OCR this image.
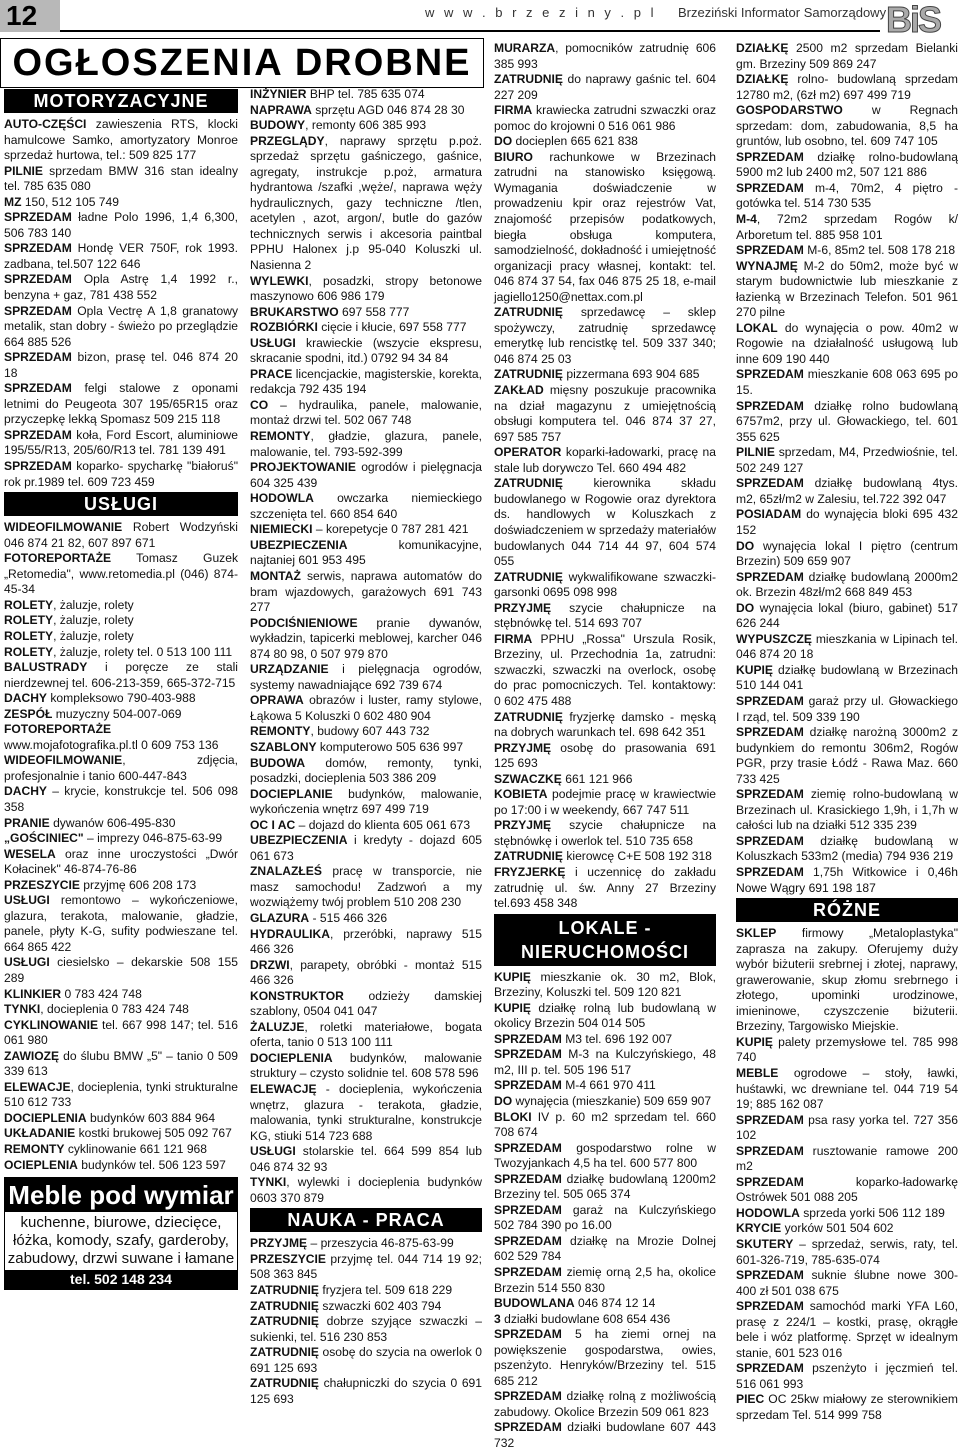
12	w w w . b r z e z i n y . p l Brzeziński Informator Samorządowy BiS
OGŁOSZENIA DROBNE
MOTORYZACYJNE

AUTO-CZĘŚCI zawieszenia RTS, klocki hamulcowe Samko, amortyzatory Monroe sprzedaż hurtowa, tel.: 509 825 177

PILNIE sprzedam BMW 316 stan idealny tel. 785 635 080

MZ 150, 512 105 749

SPRZEDAM ładne Polo 1996, 1,4 6,300, 506 783 140

SPRZEDAM Hondę VER 750F, rok 1993. zadbana, tel.507 122 646

SPRZEDAM Opla Astrę 1,4 1992 r., benzyna + gaz, 781 438 552

SPRZEDAM Opla Vectrę A 1,8 granatowy metalik, stan dobry - świeżo po przeglądzie 664 885 526

SPRZEDAM bizon, prasę tel. 046 874 20 18

SPRZEDAM felgi stalowe z oponami letnimi do Peugeota 307 195/65R15 oraz przyczepkę lekką Spomasz 509 215 118

SPRZEDAM koła, Ford Escort, aluminiowe 195/55/R13, 205/60/R13 tel. 781 139 491

SPRZEDAM koparko- spycharkę "białoruś" rok pr.1989 tel. 609 723 459

USŁUGI

WIDEOFILMOWANIE Robert Wodzyński 046 874 21 82, 607 897 671

FOTOREPORTAŻE Tomasz Guzek „Retomedia", www.retomedia.pl (046) 874-45-34

ROLETY, żaluzje, rolety

ROLETY, żaluzje, rolety

ROLETY, żaluzje, rolety

ROLETY, żaluzje, rolety tel. 0 513 100 111

BALUSTRADY i poręcze ze stali nierdzewnej tel. 606-213-359, 665-372-715

DACHY kompleksowo 790-403-988

ZESPÓŁ muzyczny 504-007-069

FOTOREPORTAŻE www.mojafotografika.pl.tl 0 609 753 136

WIDEOFILMOWANIE, zdjęcia, profesjonalnie i tanio 600-447-843

DACHY – krycie, konstrukcje tel. 506 098 358

PRANIE dywanów 606-495-830

„GOŚCINIEC" – imprezy 046-875-63-99

WESELA oraz inne uroczystości „Dwór Kołacinek" 46-874-76-86

PRZESZYCIE przyjmę 606 208 173

USŁUGI remontowo – wykończeniowe, glazura, terakota, malowanie, gładzie, panele, płyty K-G, sufity podwieszane tel. 664 865 422

USŁUGI ciesielsko – dekarskie 508 155 289

KLINKIER 0 783 424 748

TYNKI, docieplenia 0 783 424 748

CYKLINOWANIE tel. 667 998 147; tel. 516 061 980

ZAWIOZĘ do ślubu BMW „5" – tanio 0 509 339 613

ELEWACJE, docieplenia, tynki strukturalne 510 612 733

DOCIEPLENIA budynków 603 884 964

UKŁADANIE kostki brukowej 505 092 767

REMONTY cyklinowanie 661 121 968

OCIEPLENIA budynków tel. 506 123 597

Meble pod wymiar
kuchenne, biurowe, dziecięce, łóżka, komody, szafy, garderoby, zabudowy, drzwi suwane i łamane
tel. 502 148 234

INŻYNIER BHP tel. 785 635 074

NAPRAWA sprzętu AGD 046 874 28 30

BUDOWY, remonty 606 385 993

PRZEGLĄDY, naprawy sprzętu p.poż. sprzedaż sprzętu gaśniczego, gaśnice, agregaty, instrukcje p.poż, armatura hydrantowa /szafki ,węże/, naprawa węży hydraulicznych, gazy techniczne /tlen, acetylen , azot, argon/, butle do gazów technicznych serwis i akcesoria paintbal PPHU Halonex j.p 95-040 Koluszki ul. Nasienna 2

WYLEWKI, posadzki, stropy betonowe maszynowo 606 986 179

BRUKARSTWO 697 558 777

ROZBIÓRKI cięcie i kłucie, 697 558 777

USŁUGI krawieckie (wszycie ekspresu, skracanie spodni, itd.) 0792 94 34 84

PRACE licencjackie, magisterskie, korekta, redakcja 792 435 194

CO – hydraulika, panele, malowanie, montaż drzwi tel. 502 067 748

REMONTY, gładzie, glazura, panele, malowanie, tel. 793-592-399

PROJEKTOWANIE ogrodów i pielęgnacja 604 325 439

HODOWLA owczarka niemieckiego szczenięta tel. 660 854 640

NIEMIECKI – korepetycje 0 787 281 421

UBEZPIECZENIA komunikacyjne, najtaniej 601 953 495

MONTAŻ serwis, naprawa automatów do bram wjazdowych, garażowych 691 743 277

PODCIŚNIENIOWE pranie dywanów, wykładzin, tapicerki meblowej, karcher 046 874 80 98, 0 507 979 870

URZĄDZANIE i pielęgnacja ogrodów, systemy nawadniające 692 739 674

OPRAWA obrazów i luster, ramy stylowe, Łąkowa 5 Koluszki 0 602 480 904

REMONTY, budowy 607 443 732

SZABLONY komputerowo 505 636 997

BUDOWA domów, remonty, tynki, posadzki, docieplenia 503 386 209

DOCIEPLANIE budynków, malowanie, wykończenia wnętrz 697 499 719

OC I AC – dojazd do klienta 605 061 673

UBEZPIECZENIA i kredyty - dojazd 605 061 673

ZNALAZŁEŚ pracę w transporcie, nie masz samochodu! Zadzwoń a my wozwiążemy twój problem 510 208 230

GLAZURA - 515 466 326

HYDRAULIKA, przeróbki, naprawy 515 466 326

DRZWI, parapety, obróbki - montaż 515 466 326

KONSTRUKTOR odzieży damskiej szablony, 0504 041 047

ŻALUZJE, roletki materiałowe, bogata oferta, tanio 0 513 100 111

DOCIEPLENIA budynków, malowanie struktury – czysto solidnie tel. 608 578 596

ELEWACJĘ - docieplenia, wykończenia wnętrz, glazura - terakota, gładzie, malowania, tynki strukturalne, konstrukcje KG, stiuki 514 723 688

USŁUGI stolarskie tel. 664 599 854 lub 046 874 32 93

TYNKI, wylewki i docieplenia budynków 0603 370 879

NAUKA - PRACA

PRZYJMĘ – przeszycia 46-875-63-99

PRZESZYCIE przyjmę tel. 044 714 19 92; 508 363 845

ZATRUDNIĘ fryzjera tel. 509 618 229

ZATRUDNIĘ szwaczki 602 403 794

ZATRUDNIĘ dobrze szyjące szwaczki – sukienki, tel. 516 230 853

ZATRUDNIĘ osobę do szycia na owerlok 0 691 125 693

ZATRUDNIĘ chałupniczki do szycia 0 691 125 693

MURARZA, pomocników zatrudnię 606 385 993

ZATRUDNIĘ do naprawy gaśnic tel. 604 227 209

FIRMA krawiecka zatrudni szwaczki oraz pomoc do krojowni 0 516 061 986

DO docieplen 665 621 838

BIURO rachunkowe w Brzezinach zatrudni na stanowisko księgową. Wymagania doświadczenie w prowadzeniu kpir oraz rejestrów Vat, znajomość przepisów podatkowych, biegła obsługa komputera, samodzielność, dokładność i umiejętność organizacji pracy własnej, kontakt: tel. 046 874 37 54, fax 046 875 25 18, e-mail jagiello1250@nettax.com.pl

ZATRUDNIĘ sprzedawcę – sklep spożywczy, zatrudnię sprzedawcę emerytkę lub rencistkę tel. 509 337 340; 046 874 25 03

ZATRUDNIĘ pizzermana 693 904 685

ZAKŁAD mięsny poszukuje pracownika na dział magazynu z umiejętnością obsługi komputera tel. 046 874 37 27, 697 585 757

OPERATOR koparki-ładowarki, pracę na stale lub dorywczo Tel. 660 494 482

ZATRUDNIĘ kierownika składu budowlanego w Rogowie oraz dyrektora ds. handlowych w Koluszkach z doświadczeniem w sprzedaży materiałów budowlanych 044 714 44 97, 604 574 055

ZATRUDNIĘ wykwalifikowane szwaczki-garsonki 0695 098 998

PRZYJMĘ szycie chałupnicze na stębnówkę tel. 514 693 707

FIRMA PPHU „Rossa" Urszula Rosik, Brzeziny, ul. Przechodnia 1a, zatrudni: szwaczki, szwaczki na overlock, osobę do prac pomocniczych. Tel. kontaktowy: 0 602 475 488

ZATRUDNIĘ fryzjerkę damsko - męską na dobrych warunkach tel. 698 642 351

PRZYJMĘ osobę do prasowania 691 125 693

SZWACZKĘ 661 121 966

KOBIETA podejmie pracę w krawiectwie po 17:00 i w weekendy, 667 747 511

PRZYJMĘ szycie chałupnicze na stębnówkę i owerlok tel. 510 735 658

ZATRUDNIĘ kierowcę C+E 508 192 318

FRYZJERKĘ i uczennicę do zakładu zatrudnię ul. św. Anny 27 Brzeziny tel.693 458 348

LOKALE - NIERUCHOMOŚCI

KUPIĘ mieszkanie ok. 30 m2, Blok, Brzeziny, Koluszki tel. 509 120 821

KUPIĘ działkę rolną lub budowlaną w okolicy Brzezin 504 014 505

SPRZEDAM M3 tel. 696 192 007

SPRZEDAM M-3 na Kulczyńskiego, 48 m2, III p. tel. 505 196 517

SPRZEDAM M-4 661 970 411

DO wynajęcia (mieszkanie) 509 659 907

BLOKI IV p. 60 m2 sprzedam tel. 660 708 674

SPRZEDAM gospodarstwo rolne w Twozyjankach 4,5 ha tel. 600 577 800

SPRZEDAM działkę budowlaną 1200m2 Brzeziny tel. 505 065 374

SPRZEDAM garaż na Kulczyńskiego 502 784 390 po 16.00

SPRZEDAM działkę na Mrozie Dolnej 602 529 784

SPRZEDAM ziemię orną 2,5 ha, okolice Brzezin 514 550 830

BUDOWLANA 046 874 12 14

3 działki budowlane 608 654 436

SPRZEDAM 5 ha ziemi ornej na powiększenie gospodarstwa, owies, pszenżyto. Henryków/Brzeziny tel. 515 685 212

SPRZEDAM działkę rolną z możliwością zabudowy. Okolice Brzezin 509 061 823

SPRZEDAM działki budowlane 607 443 732

DZIAŁKĘ 2500 m2 sprzedam Bielanki gm. Brzeziny 509 869 247

DZIAŁKĘ rolno- budowlaną sprzedam 12780 m2, (6zł m2) 697 499 719

GOSPODARSTWO w Regnach sprzedam: dom, zabudowania, 8,5 ha gruntów, lub osobno, tel. 609 747 105

SPRZEDAM działkę rolno-budowlaną 5900 m2 lub 2400 m2, 507 121 886

SPRZEDAM m-4, 70m2, 4 piętro - gotówka tel. 514 730 535

M-4, 72m2 sprzedam Rogów k/ Arboretum tel. 885 958 101

SPRZEDAM M-6, 85m2 tel. 508 178 218

WYNAJMĘ M-2 do 50m2, może być w starym budownictwie lub mieszkanie z łazienką w Brzezinach Telefon. 501 961 270 pilne

LOKAL do wynajęcia o pow. 40m2 w Rogowie na działalność usługową lub inne 609 190 440

SPRZEDAM mieszkanie 608 063 695 po 15.

SPRZEDAM działkę rolno budowlaną 6757m2, przy ul. Głowackiego, tel. 601 355 625

PILNIE sprzedam, M4, Przedwiośnie, tel. 502 249 127

SPRZEDAM działkę budowlaną 4tys. m2, 65zł/m2 w Zalesiu, tel.722 392 047

POSIADAM do wynajęcia bloki 695 432 152

DO wynajęcia lokal I piętro (centrum Brzezin) 509 659 907

SPRZEDAM działkę budowlaną 2000m2 ok. Brzezin 48zł/m2 668 849 453

DO wynajęcia lokal (biuro, gabinet) 517 626 244

WYPUSZCZĘ mieszkania w Lipinach tel. 046 874 20 18

KUPIĘ działkę budowlaną w Brzezinach 510 144 041

SPRZEDAM garaż przy ul. Głowackiego I rząd, tel. 509 339 190

SPRZEDAM działkę narożną 3000m2 z budynkiem do remontu 306m2, Rogów PGR, przy trasie Łódź - Rawa Maz. 660 733 425

SPRZEDAM ziemię rolno-budowlaną w Brzezinach ul. Krasickiego 1,9h, i 1,7h w całości lub na działki 512 335 239

SPRZEDAM działkę budowlaną w Koluszkach 533m2 (media) 794 936 219

SPRZEDAM 1,75h Witkowice i 0,46h Nowe Wągry 691 198 187

RÓŻNE

SKLEP firmowy „Metaloplastyka" zaprasza na zakupy. Oferujemy duży wybór biżuterii srebrnej i złotej, naprawy, grawerowanie, skup złomu srebrnego i złotego, upominki urodzinowe, imieninowe, czyszczenie biżuterii. Brzeziny, Targowisko Miejskie.

KUPIĘ palety przemysłowe tel. 785 998 740

MEBLE ogrodowe – stoły, ławki, huśtawki, wc drewniane tel. 044 719 54 19; 885 162 087

SPRZEDAM psa rasy yorka tel. 727 356 102

SPRZEDAM rusztowanie ramowe 200 m2

SPRZEDAM koparko-ładowarkę Ostrówek 501 088 205

HODOWLA sprzeda yorki 506 112 189

KRYCIE yorków 501 504 602

SKUTERY – sprzedaż, serwis, raty, tel. 601-326-719, 785-635-074

SPRZEDAM suknie ślubne nowe 300-400 zł 501 038 675

SPRZEDAM samochód marki YFA L60, prasę z 224/1 – kostki, prasę, okrągłe bele i wóz platformę. Sprzęt w idealnym stanie, 601 523 016

SPRZEDAM pszenżyto i jęczmień tel. 516 061 993

PIEC OC 25kw miałowy ze sterownikiem sprzedam Tel. 514 999 758
